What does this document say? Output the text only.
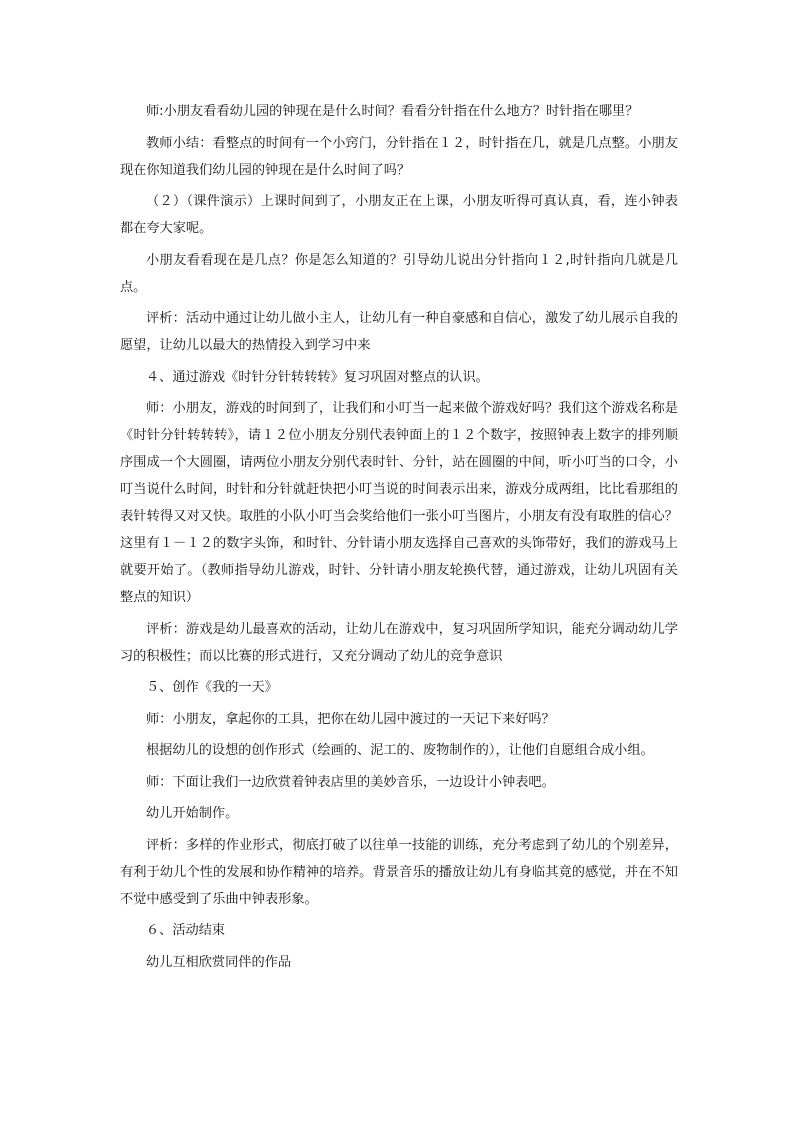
师:小朋友看看幼儿园的钟现在是什么时间？看看分针指在什么地方？时针指在哪里？

教师小结：看整点的时间有一个小窍门，分针指在１２，时针指在几，就是几点整。小朋友现在你知道我们幼儿园的钟现在是什么时间了吗？

（２）（课件演示）上课时间到了，小朋友正在上课，小朋友听得可真认真，看，连小钟表都在夸大家呢。

小朋友看看现在是几点？你是怎么知道的？引导幼儿说出分针指向１２,时针指向几就是几点。

评析：活动中通过让幼儿做小主人，让幼儿有一种自豪感和自信心，激发了幼儿展示自我的愿望，让幼儿以最大的热情投入到学习中来

４、通过游戏《时针分针转转转》复习巩固对整点的认识。

师：小朋友，游戏的时间到了，让我们和小叮当一起来做个游戏好吗？我们这个游戏名称是《时针分针转转转》，请１２位小朋友分别代表钟面上的１２个数字，按照钟表上数字的排列顺序围成一个大圆圈，请两位小朋友分别代表时针、分针，站在圆圈的中间，听小叮当的口令，小叮当说什么时间，时针和分针就赶快把小叮当说的时间表示出来，游戏分成两组，比比看那组的表针转得又对又快。取胜的小队小叮当会奖给他们一张小叮当图片，小朋友有没有取胜的信心？这里有１－１２的数字头饰，和时针、分针请小朋友选择自己喜欢的头饰带好，我们的游戏马上就要开始了。（教师指导幼儿游戏，时针、分针请小朋友轮换代替，通过游戏，让幼儿巩固有关整点的知识）

评析：游戏是幼儿最喜欢的活动，让幼儿在游戏中，复习巩固所学知识，能充分调动幼儿学习的积极性；而以比赛的形式进行，又充分调动了幼儿的竞争意识

５、创作《我的一天》

师：小朋友，拿起你的工具，把你在幼儿园中渡过的一天记下来好吗？

根据幼儿的设想的创作形式（绘画的、泥工的、废物制作的），让他们自愿组合成小组。

师：下面让我们一边欣赏着钟表店里的美妙音乐，一边设计小钟表吧。

幼儿开始制作。

评析：多样的作业形式，彻底打破了以往单一技能的训练，充分考虑到了幼儿的个别差异，有利于幼儿个性的发展和协作精神的培养。背景音乐的播放让幼儿有身临其竟的感觉，并在不知不觉中感受到了乐曲中钟表形象。

６、活动结束

幼儿互相欣赏同伴的作品
